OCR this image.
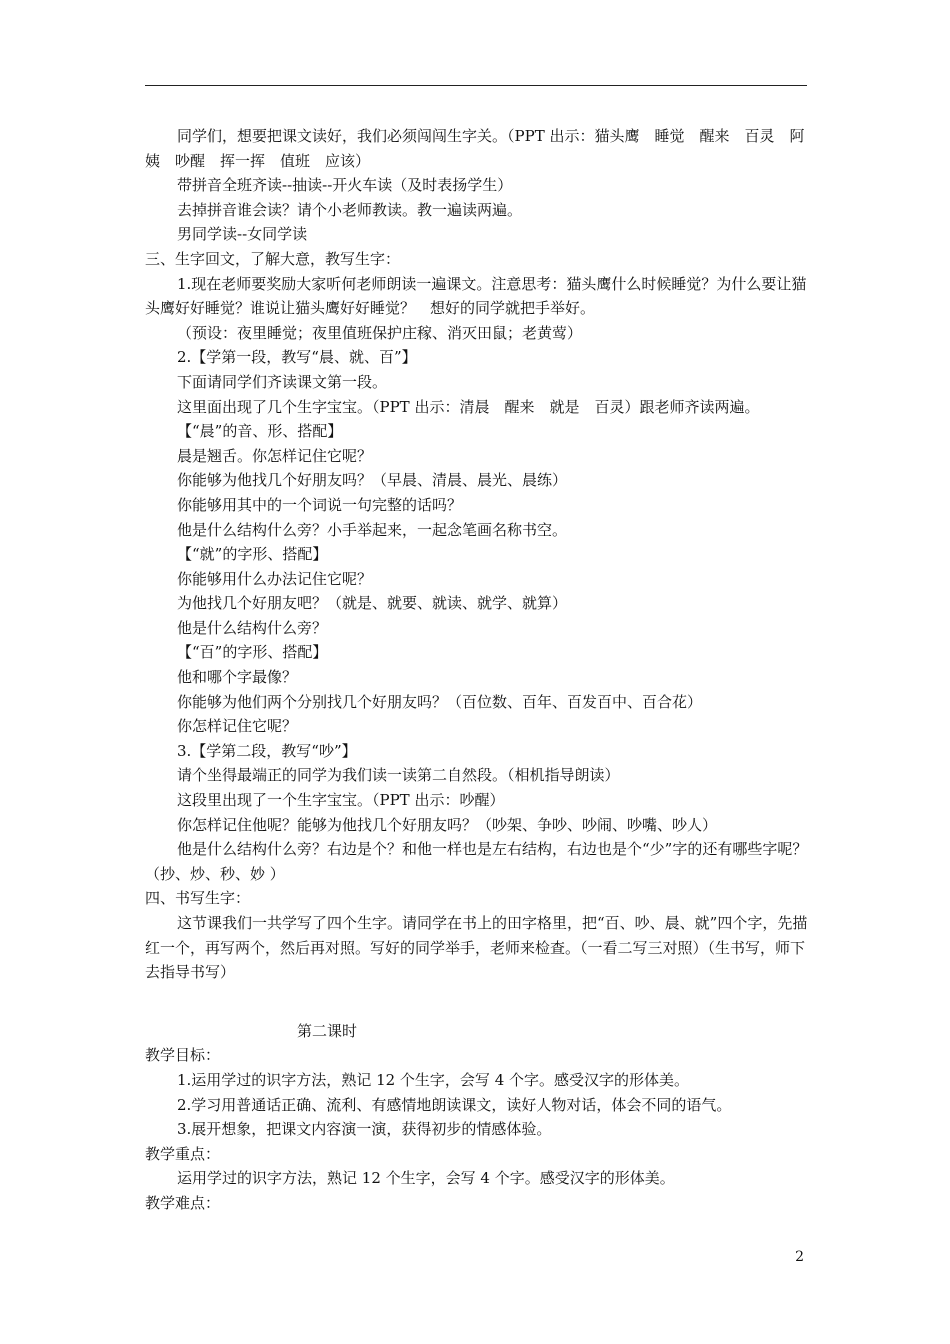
同学们，想要把课文读好，我们必须闯闯生字关。（PPT 出示：猫头鹰　睡觉　醒来　百灵　阿姨　吵醒　挥一挥　值班　应该）

带拼音全班齐读--抽读--开火车读（及时表扬学生）

去掉拼音谁会读？请个小老师教读。教一遍读两遍。

男同学读--女同学读

三、生字回文，了解大意，教写生字：

1.现在老师要奖励大家听何老师朗读一遍课文。注意思考：猫头鹰什么时候睡觉？为什么要让猫头鹰好好睡觉？谁说让猫头鹰好好睡觉？　想好的同学就把手举好。

（预设：夜里睡觉；夜里值班保护庄稼、消灭田鼠；老黄莺）

2.【学第一段，教写“晨、就、百”】

下面请同学们齐读课文第一段。

这里面出现了几个生字宝宝。（PPT 出示：清晨　醒来　就是　百灵）跟老师齐读两遍。

【“晨”的音、形、搭配】

晨是翘舌。你怎样记住它呢？

你能够为他找几个好朋友吗？（早晨、清晨、晨光、晨练）

你能够用其中的一个词说一句完整的话吗？

他是什么结构什么旁？小手举起来，一起念笔画名称书空。

【“就”的字形、搭配】

你能够用什么办法记住它呢？

为他找几个好朋友吧？（就是、就要、就读、就学、就算）

他是什么结构什么旁？

【“百”的字形、搭配】

他和哪个字最像？

你能够为他们两个分别找几个好朋友吗？（百位数、百年、百发百中、百合花）

你怎样记住它呢？

3.【学第二段，教写“吵”】

请个坐得最端正的同学为我们读一读第二自然段。（相机指导朗读）

这段里出现了一个生字宝宝。（PPT 出示：吵醒）

你怎样记住他呢？能够为他找几个好朋友吗？（吵架、争吵、吵闹、吵嘴、吵人）

他是什么结构什么旁？右边是个？和他一样也是左右结构，右边也是个“少”字的还有哪些字呢？（抄、炒、秒、妙 ）

四、书写生字：

这节课我们一共学写了四个生字。请同学在书上的田字格里，把“百、吵、晨、就”四个字，先描红一个，再写两个，然后再对照。写好的同学举手，老师来检查。（一看二写三对照）（生书写，师下去指导书写）

第二课时

教学目标：

1.运用学过的识字方法，熟记 12 个生字，会写 4 个字。感受汉字的形体美。

2.学习用普通话正确、流利、有感情地朗读课文，读好人物对话，体会不同的语气。

3.展开想象，把课文内容演一演，获得初步的情感体验。

教学重点：

运用学过的识字方法，熟记 12 个生字，会写 4 个字。感受汉字的形体美。

教学难点：

2
